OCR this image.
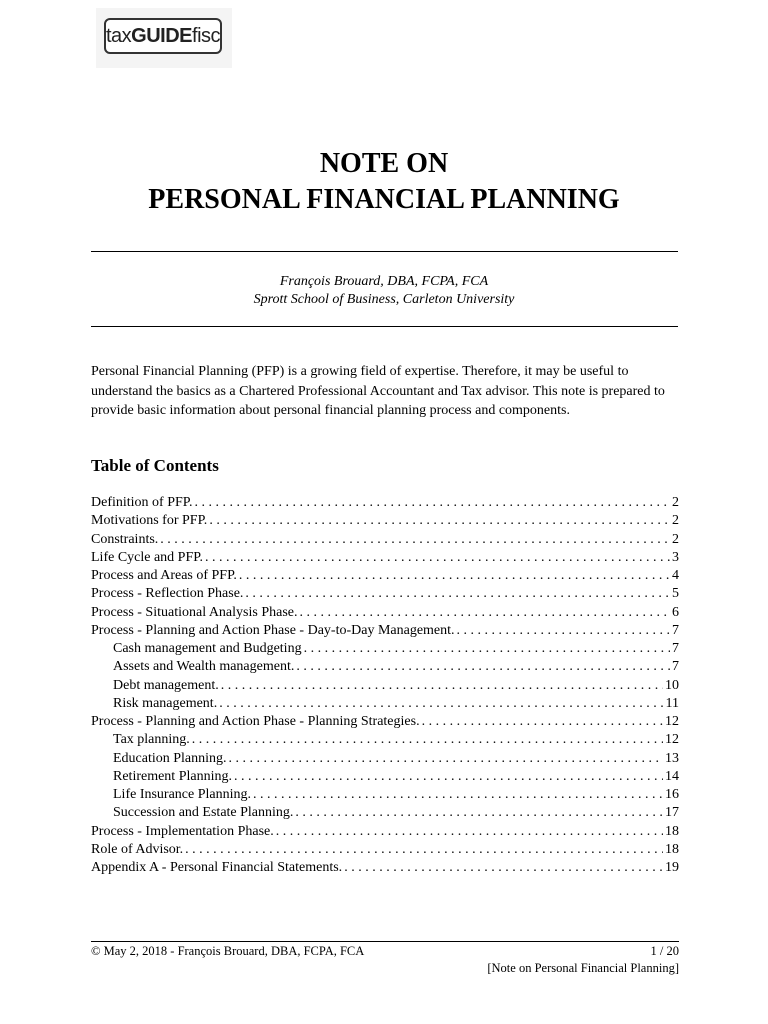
tax GUIDE fisc
NOTE ON
PERSONAL FINANCIAL PLANNING
François Brouard, DBA, FCPA, FCA
Sprott School of Business, Carleton University
Personal Financial Planning (PFP) is a growing field of expertise. Therefore, it may be useful to understand the basics as a Chartered Professional Accountant and Tax advisor. This note is prepared to provide basic information about personal financial planning process and components.
Table of Contents
Definition of PFP. . . .	2
Motivations for PFP. . . .	2
Constraints. . . .	2
Life Cycle and PFP. . . .	3
Process and Areas of PFP. . . .	4
Process - Reflection Phase. . . .	5
Process - Situational Analysis Phase. . . .	6
Process - Planning and Action Phase - Day-to-Day Management. . . .	7
Cash management and Budgeting . . .	7
Assets and Wealth management. . . .	7
Debt management. . . .	10
Risk management. . . .	11
Process - Planning and Action Phase - Planning Strategies. . . .	12
Tax planning. . . .	12
Education Planning. . . .	13
Retirement Planning. . . .	14
Life Insurance Planning. . . .	16
Succession and Estate Planning. . . .	17
Process - Implementation Phase. . . .	18
Role of Advisor. . . .	18
Appendix A - Personal Financial Statements. . . .	19
© May 2, 2018 - François Brouard, DBA, FCPA, FCA	1 / 20
[Note on Personal Financial Planning]
